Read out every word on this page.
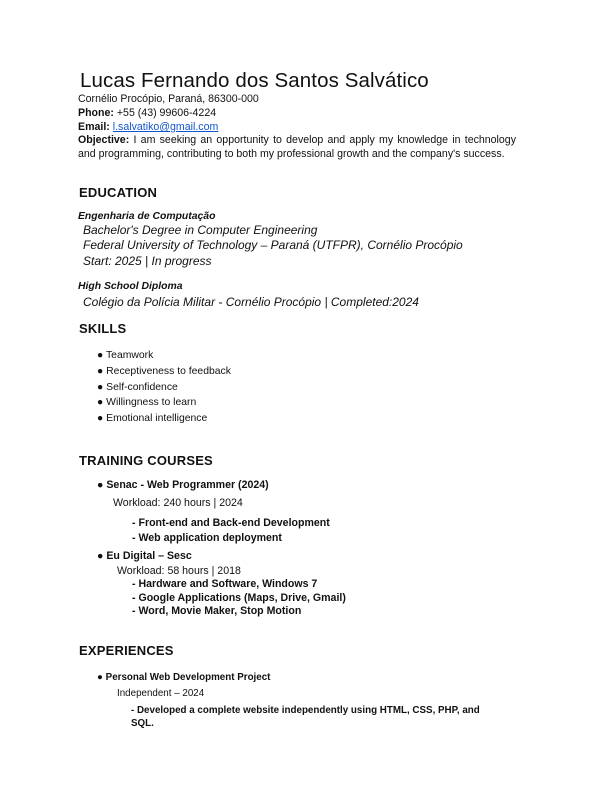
Lucas Fernando dos Santos Salvático
Cornélio Procópio, Paraná, 86300-000
Phone: +55 (43) 99606-4224
Email: l.salvatiko@gmail.com
Objective: I am seeking an opportunity to develop and apply my knowledge in technology and programming, contributing to both my professional growth and the company's success.
EDUCATION
Engenharia de Computação
Bachelor's Degree in Computer Engineering
Federal University of Technology – Paraná (UTFPR), Cornélio Procópio
Start: 2025 | In progress
High School Diploma
Colégio da Polícia Militar - Cornélio Procópio | Completed:2024
SKILLS
● Teamwork
● Receptiveness to feedback
● Self-confidence
● Willingness to learn
● Emotional intelligence
TRAINING COURSES
● Senac - Web Programmer (2024)
Workload: 240 hours | 2024
- Front-end and Back-end Development
- Web application deployment
● Eu Digital – Sesc
Workload: 58 hours | 2018
- Hardware and Software, Windows 7
- Google Applications (Maps, Drive, Gmail)
- Word, Movie Maker, Stop Motion
EXPERIENCES
● Personal Web Development Project
Independent – 2024
- Developed a complete website independently using HTML, CSS, PHP, and
SQL.
